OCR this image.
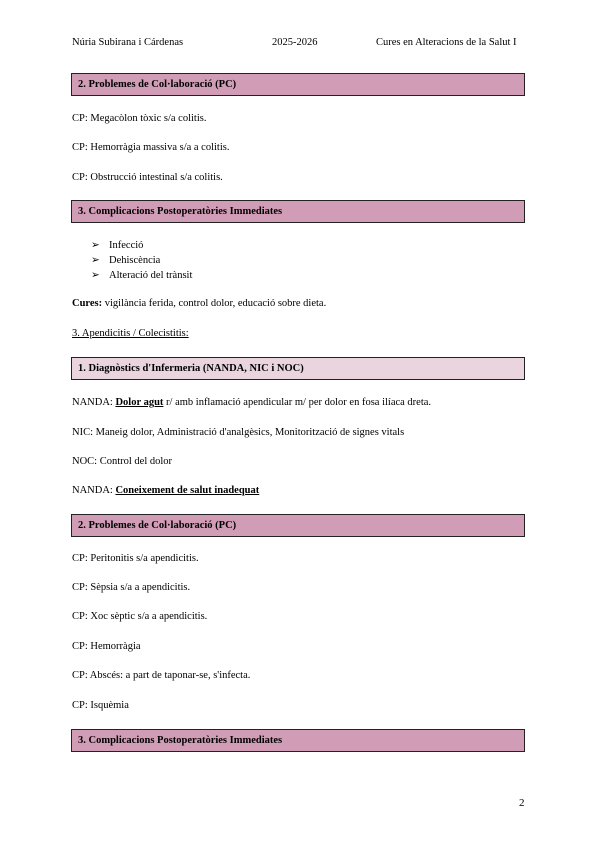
Núria Subirana i Cárdenas	2025-2026	Cures en Alteracions de la Salut I
2. Problemes de Col·laboració (PC)
CP: Megacòlon tòxic s/a colitis.
CP: Hemorràgia massiva s/a a colitis.
CP: Obstrucció intestinal s/a colitis.
3. Complicacions Postoperatòries Immediates
➢ Infecció
➢ Dehiscència
➢ Alteració del trànsit
Cures: vigilància ferida, control dolor, educació sobre dieta.
3. Apendicitis / Colecistitis:
1. Diagnòstics d'Infermeria (NANDA, NIC i NOC)
NANDA: Dolor agut r/ amb inflamació apendicular m/ per dolor en fosa ilíaca dreta.
NIC: Maneig dolor, Administració d'analgèsics, Monitorització de signes vitals
NOC: Control del dolor
NANDA: Coneixement de salut inadequat
2. Problemes de Col·laboració (PC)
CP: Peritonitis s/a apendicitis.
CP: Sèpsia s/a a apendicitis.
CP: Xoc sèptic s/a a apendicitis.
CP: Hemorràgia
CP: Abscés: a part de taponar-se, s'infecta.
CP: Isquèmia
3. Complicacions Postoperatòries Immediates
2
